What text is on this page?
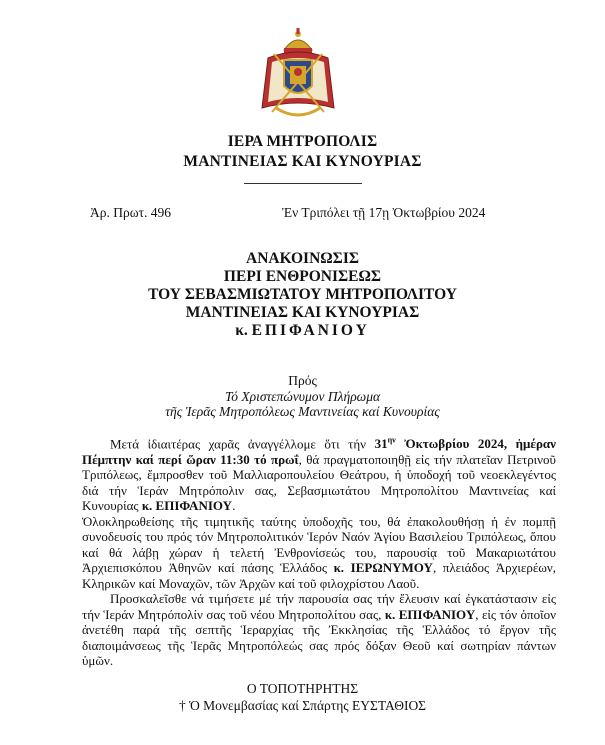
ΙΕΡΑ ΜΗΤΡΟΠΟΛΙΣ
ΜΑΝΤΙΝΕΙΑΣ ΚΑΙ ΚΥΝΟΥΡΙΑΣ
Ἀρ. Πρωτ. 496	Ἐν Τριπόλει τῇ 17ῃ Ὀκτωβρίου 2024
ΑΝΑΚΟΙΝΩΣΙΣ
ΠΕΡΙ ΕΝΘΡΟΝΙΣΕΩΣ
ΤΟΥ ΣΕΒΑΣΜΙΩΤΑΤΟΥ ΜΗΤΡΟΠΟΛΙΤΟΥ
ΜΑΝΤΙΝΕΙΑΣ ΚΑΙ ΚΥΝΟΥΡΙΑΣ
κ. ΕΠΙΦΑΝΙΟΥ
Πρός
Τό Χριστεπώνυμον Πλήρωμα
τῆς Ἱερᾶς Μητροπόλεως Μαντινείας καί Κυνουρίας

Μετά ἰδιαιτέρας χαρᾶς ἀναγγέλλομε ὅτι τήν $31^{\eta\nu}$ Ὀκτωβρίου 2024, ἡμέραν Πέμπτην καί περί ὥραν 11:30 τό πρωΐ, θά πραγματοποιηθῇ εἰς τήν πλατεῖαν Πετρινοῦ Τριπόλεως, ἔμπροσθεν τοῦ Μαλλιαροπουλείου Θεάτρου, ἡ ὑποδοχή τοῦ νεοεκλεγέντος διά τήν Ἱεράν Μητρόπολιν σας, Σεβασμιωτάτου Μητροπολίτου Μαντινείας καί Κυνουρίας κ. ΕΠΙΦΑΝΙΟΥ.

Ὁλοκληρωθείσης τῆς τιμητικῆς ταύτης ὑποδοχῆς του, θά ἐπακολουθήσῃ ἡ ἐν πομπῇ συνοδευσίς του πρός τόν Μητροπολιτικόν Ἱερόν Ναόν Ἁγίου Βασιλείου Τριπόλεως, ὅπου καί θά λάβῃ χώραν ἡ τελετή Ἐνθρονίσεώς του, παρουσίᾳ τοῦ Μακαριωτάτου Ἀρχιεπισκόπου Ἀθηνῶν καί πάσης Ἑλλάδος κ. ΙΕΡΩΝΥΜΟΥ, πλειάδος Ἀρχιερέων, Κληρικῶν καί Μοναχῶν, τῶν Ἀρχῶν καί τοῦ φιλοχρίστου Λαοῦ.

Προσκαλεῖσθε νά τιμήσετε μέ τήν παρουσία σας τήν ἔλευσιν καί ἐγκατάστασιν εἰς τήν Ἱεράν Μητρόπολίν σας τοῦ νέου Μητροπολίτου σας, κ. ΕΠΙΦΑΝΙΟΥ, εἰς τόν ὁποῖον ἀνετέθη παρά τῆς σεπτῆς Ἱεραρχίας τῆς Ἐκκλησίας τῆς Ἑλλάδος τό ἔργον τῆς διαποιμάνσεως τῆς Ἱερᾶς Μητροπόλεώς σας πρός δόξαν Θεοῦ καί σωτηρίαν πάντων ὑμῶν.

Ο ΤΟΠΟΤΗΡΗΤΗΣ
† Ὁ Μονεμβασίας καί Σπάρτης ΕΥΣΤΑΘΙΟΣ
